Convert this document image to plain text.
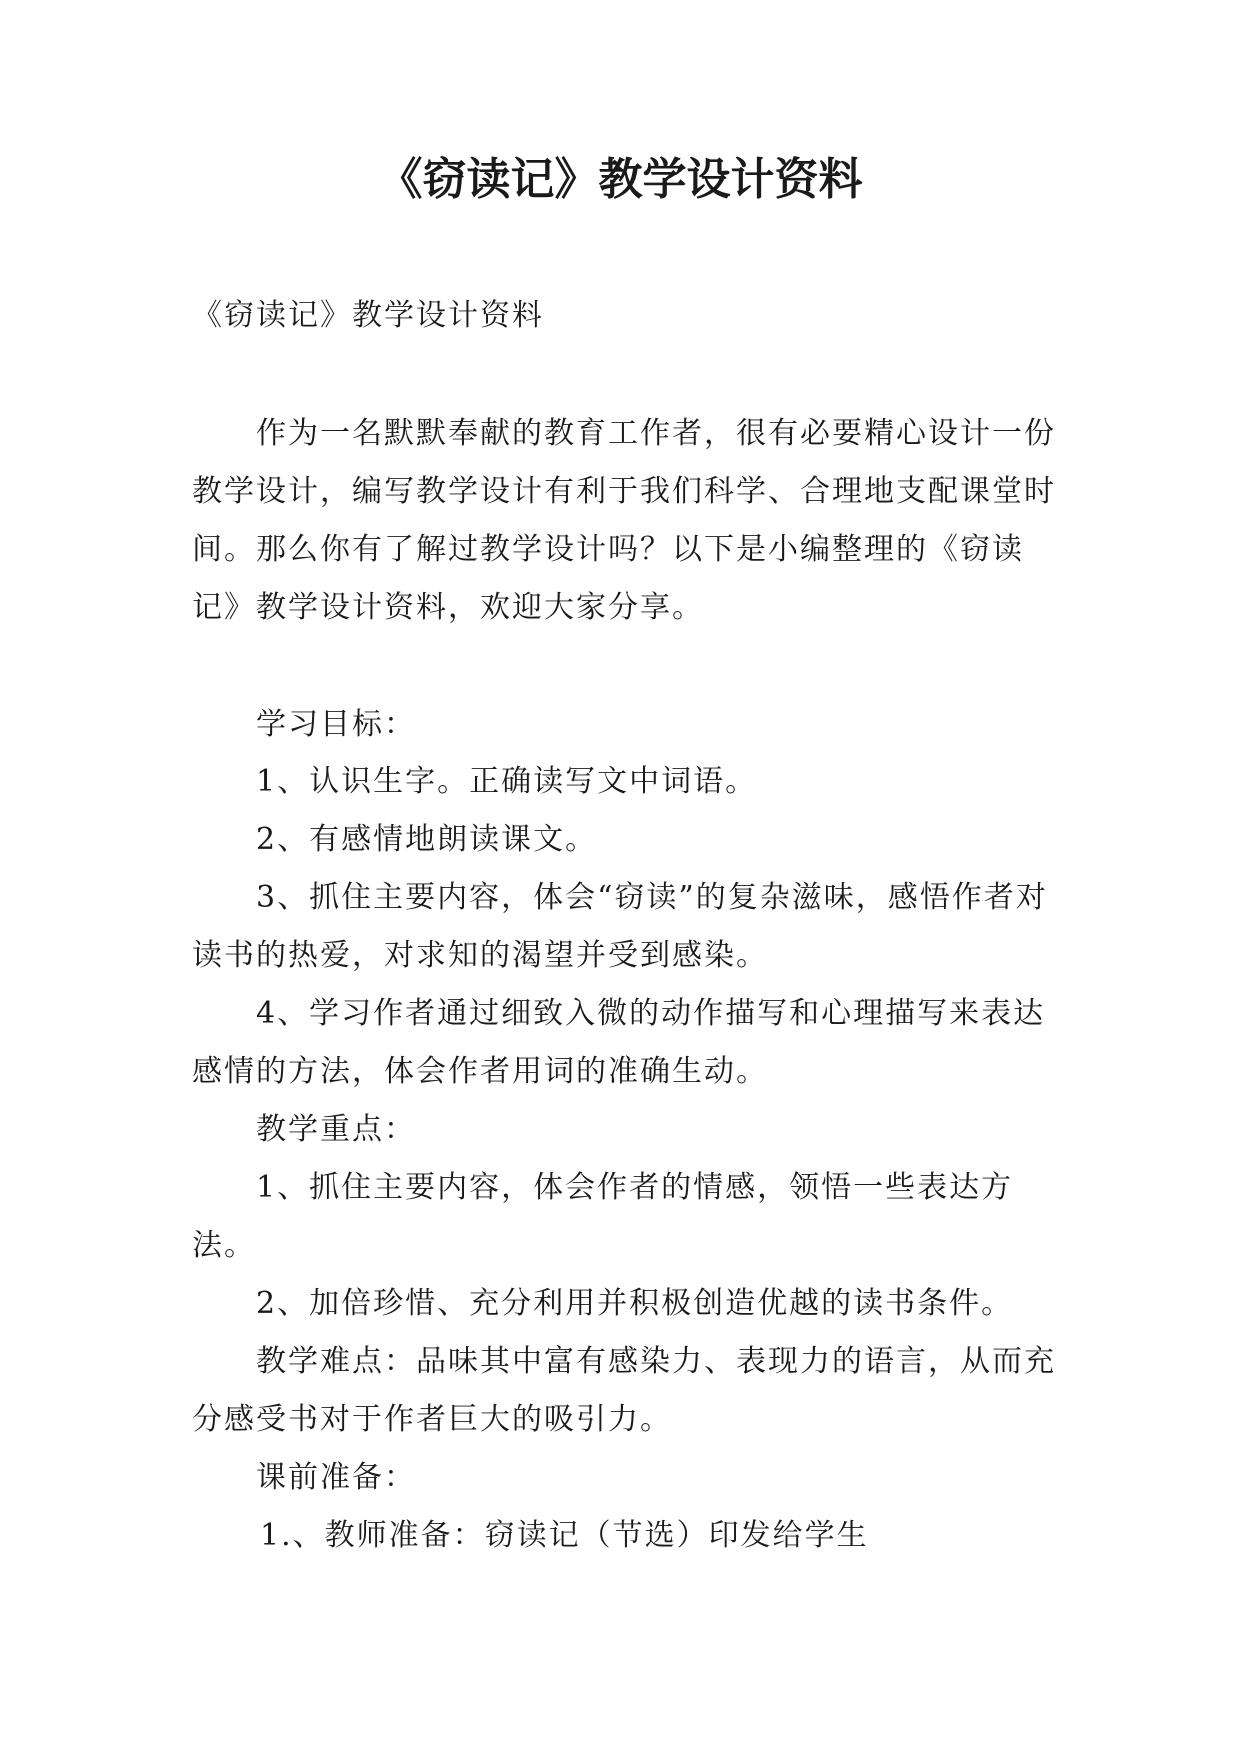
《窃读记》教学设计资料

《窃读记》教学设计资料

作为一名默默奉献的教育工作者，很有必要精心设计一份教学设计，编写教学设计有利于我们科学、合理地支配课堂时间。那么你有了解过教学设计吗？以下是小编整理的《窃读记》教学设计资料，欢迎大家分享。

学习目标：

1、认识生字。正确读写文中词语。

2、有感情地朗读课文。

3、抓住主要内容，体会“窃读”的复杂滋味，感悟作者对读书的热爱，对求知的渴望并受到感染。

4、学习作者通过细致入微的动作描写和心理描写来表达感情的方法，体会作者用词的准确生动。

教学重点：

1、抓住主要内容，体会作者的情感，领悟一些表达方法。

2、加倍珍惜、充分利用并积极创造优越的读书条件。

教学难点：品味其中富有感染力、表现力的语言，从而充分感受书对于作者巨大的吸引力。

课前准备：

1.、教师准备：窃读记（节选）印发给学生
